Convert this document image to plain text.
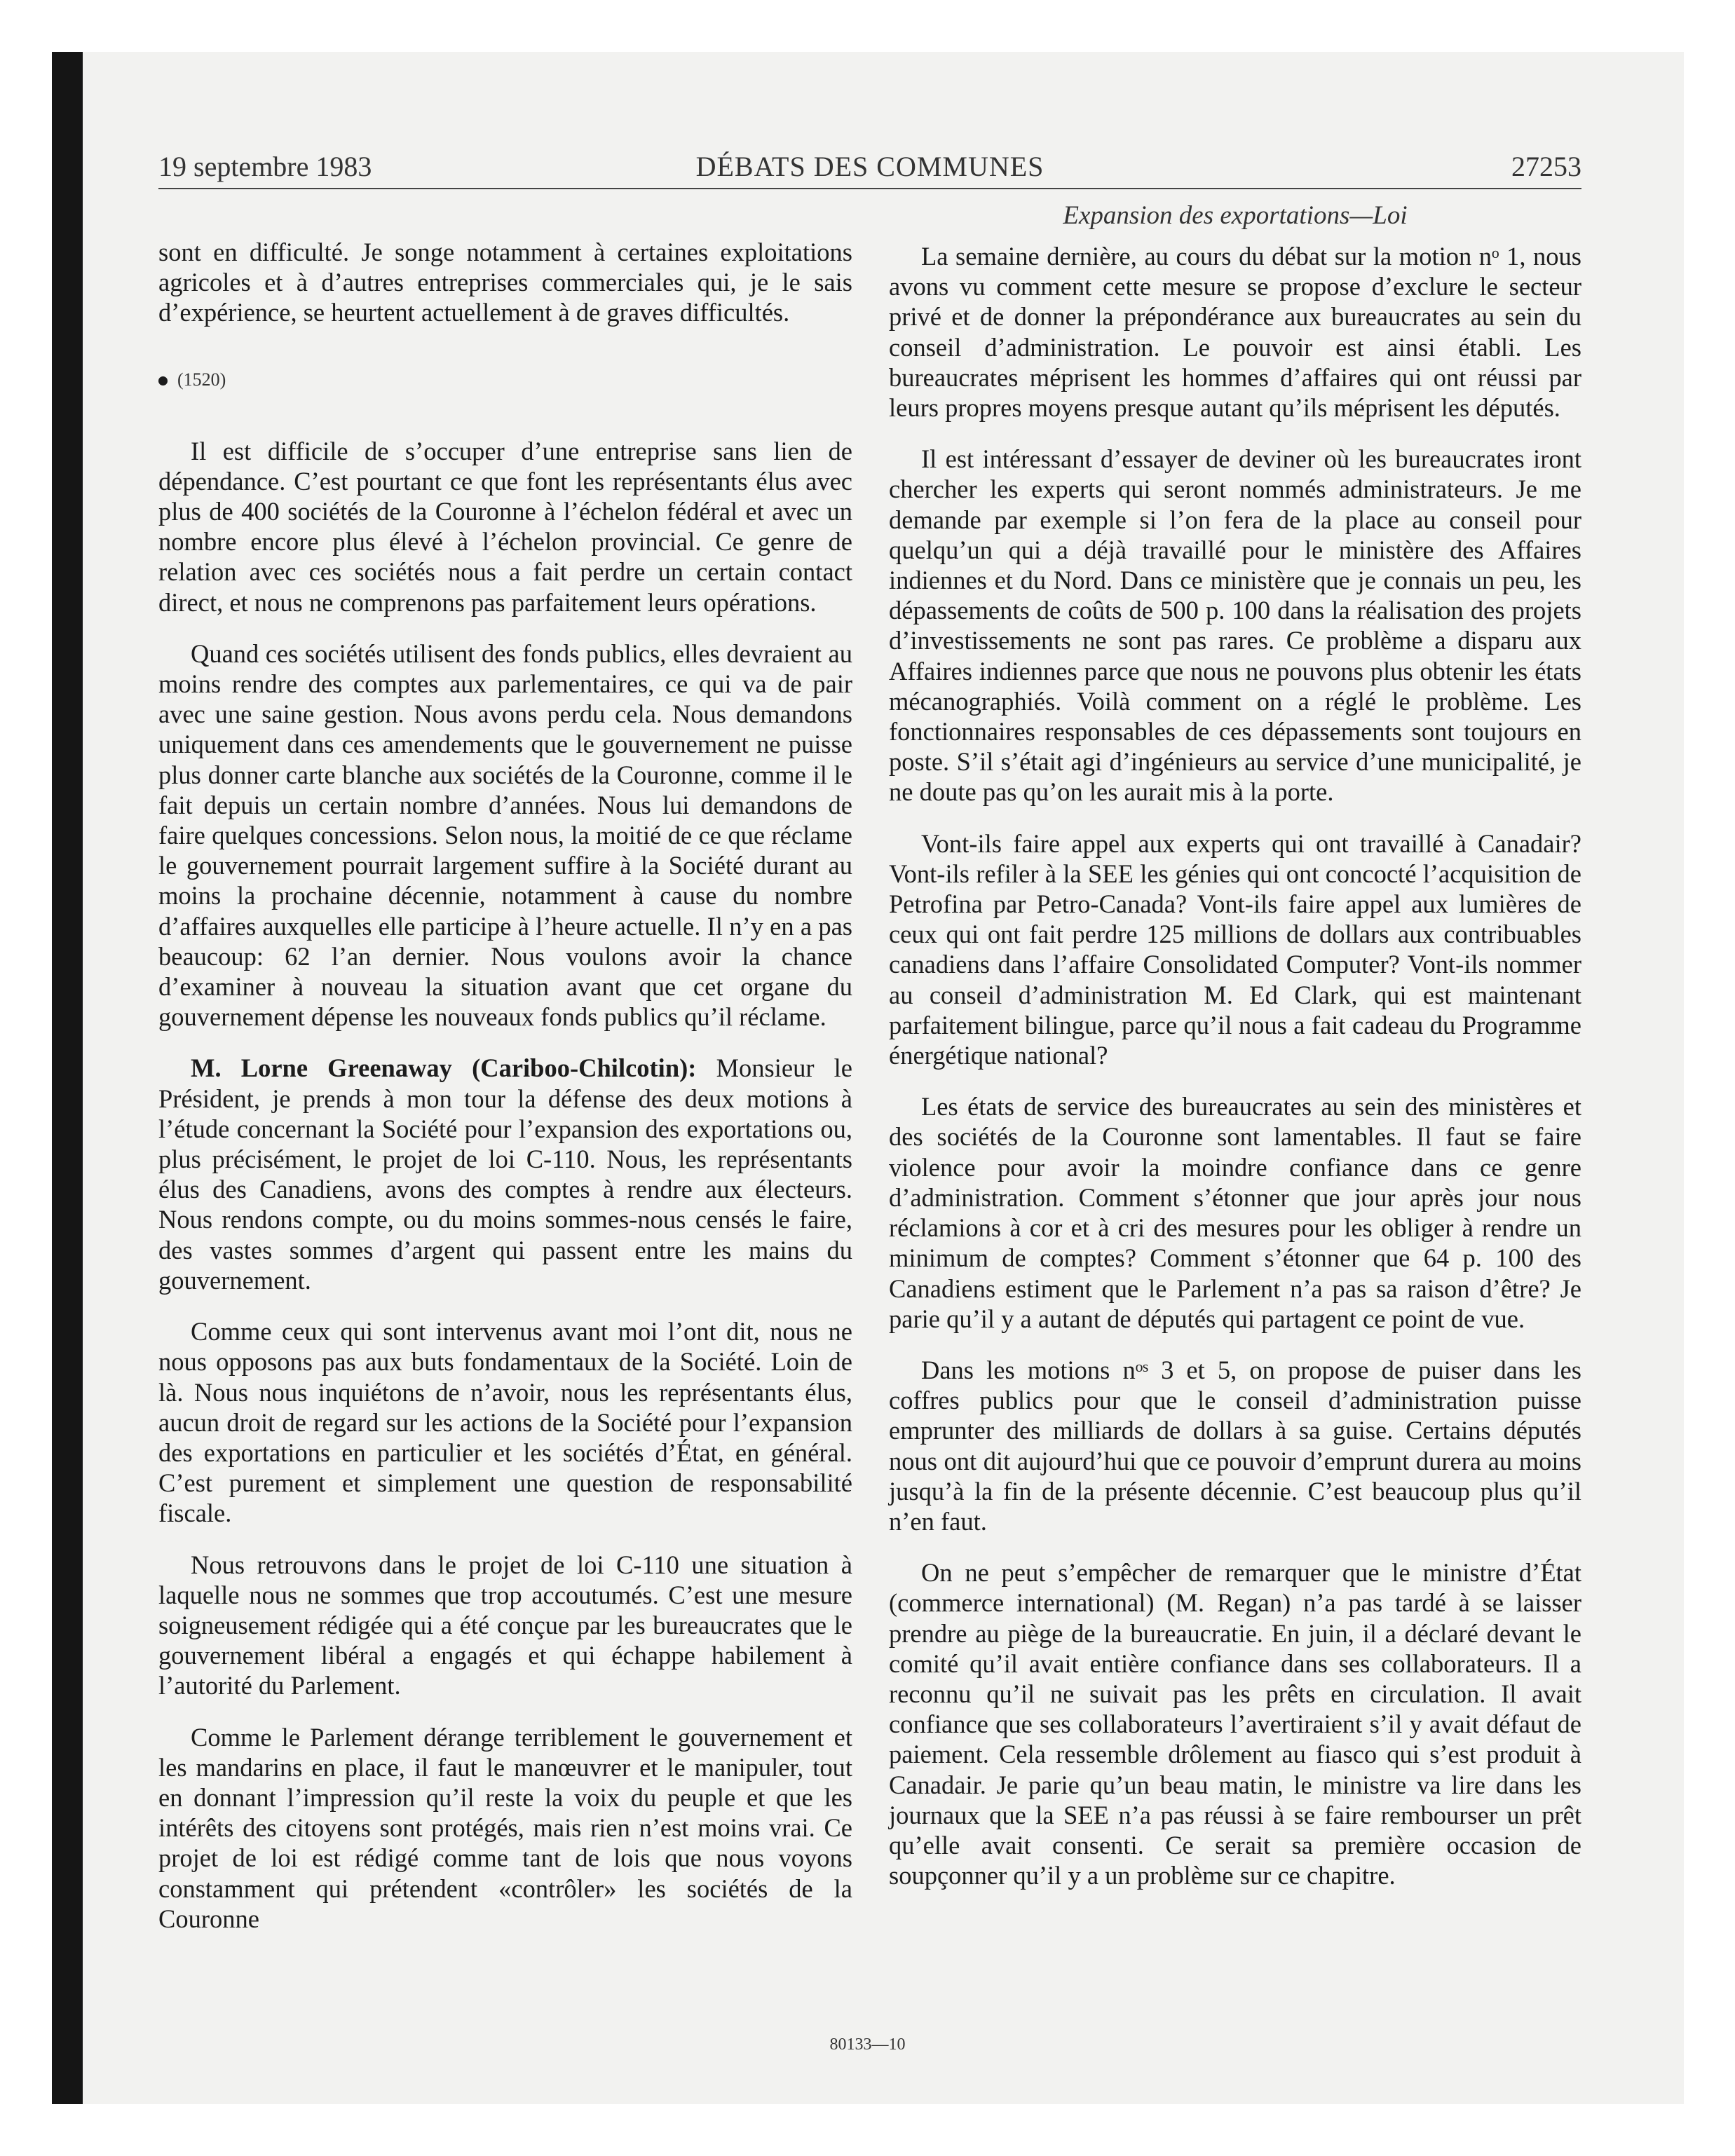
19 septembre 1983	DÉBATS DES COMMUNES	27253

sont en difficulté. Je songe notamment à certaines exploitations agricoles et à d’autres entreprises commerciales qui, je le sais d’expérience, se heurtent actuellement à de graves difficultés.

(1520)

Il est difficile de s’occuper d’une entreprise sans lien de dépendance. C’est pourtant ce que font les représentants élus avec plus de 400 sociétés de la Couronne à l’échelon fédéral et avec un nombre encore plus élevé à l’échelon provincial. Ce genre de relation avec ces sociétés nous a fait perdre un certain contact direct, et nous ne comprenons pas parfaitement leurs opérations.

Quand ces sociétés utilisent des fonds publics, elles devraient au moins rendre des comptes aux parlementaires, ce qui va de pair avec une saine gestion. Nous avons perdu cela. Nous demandons uniquement dans ces amendements que le gouvernement ne puisse plus donner carte blanche aux sociétés de la Couronne, comme il le fait depuis un certain nombre d’années. Nous lui demandons de faire quelques concessions. Selon nous, la moitié de ce que réclame le gouvernement pourrait largement suffire à la Société durant au moins la prochaine décennie, notamment à cause du nombre d’affaires auxquelles elle participe à l’heure actuelle. Il n’y en a pas beaucoup: 62 l’an dernier. Nous voulons avoir la chance d’examiner à nouveau la situation avant que cet organe du gouvernement dépense les nouveaux fonds publics qu’il réclame.

M. Lorne Greenaway (Cariboo-Chilcotin): Monsieur le Président, je prends à mon tour la défense des deux motions à l’étude concernant la Société pour l’expansion des exportations ou, plus précisément, le projet de loi C-110. Nous, les représentants élus des Canadiens, avons des comptes à rendre aux électeurs. Nous rendons compte, ou du moins sommes-nous censés le faire, des vastes sommes d’argent qui passent entre les mains du gouvernement.

Comme ceux qui sont intervenus avant moi l’ont dit, nous ne nous opposons pas aux buts fondamentaux de la Société. Loin de là. Nous nous inquiétons de n’avoir, nous les représentants élus, aucun droit de regard sur les actions de la Société pour l’expansion des exportations en particulier et les sociétés d’État, en général. C’est purement et simplement une question de responsabilité fiscale.

Nous retrouvons dans le projet de loi C-110 une situation à laquelle nous ne sommes que trop accoutumés. C’est une mesure soigneusement rédigée qui a été conçue par les bureaucrates que le gouvernement libéral a engagés et qui échappe habilement à l’autorité du Parlement.

Comme le Parlement dérange terriblement le gouvernement et les mandarins en place, il faut le manœuvrer et le manipuler, tout en donnant l’impression qu’il reste la voix du peuple et que les intérêts des citoyens sont protégés, mais rien n’est moins vrai. Ce projet de loi est rédigé comme tant de lois que nous voyons constamment qui prétendent «contrôler» les sociétés de la Couronne

Expansion des exportations—Loi

La semaine dernière, au cours du débat sur la motion nᵒ 1, nous avons vu comment cette mesure se propose d’exclure le secteur privé et de donner la prépondérance aux bureaucrates au sein du conseil d’administration. Le pouvoir est ainsi établi. Les bureaucrates méprisent les hommes d’affaires qui ont réussi par leurs propres moyens presque autant qu’ils méprisent les députés.

Il est intéressant d’essayer de deviner où les bureaucrates iront chercher les experts qui seront nommés administrateurs. Je me demande par exemple si l’on fera de la place au conseil pour quelqu’un qui a déjà travaillé pour le ministère des Affaires indiennes et du Nord. Dans ce ministère que je connais un peu, les dépassements de coûts de 500 p. 100 dans la réalisation des projets d’investissements ne sont pas rares. Ce problème a disparu aux Affaires indiennes parce que nous ne pouvons plus obtenir les états mécanographiés. Voilà comment on a réglé le problème. Les fonctionnaires responsables de ces dépassements sont toujours en poste. S’il s’était agi d’ingénieurs au service d’une municipalité, je ne doute pas qu’on les aurait mis à la porte.

Vont-ils faire appel aux experts qui ont travaillé à Canadair? Vont-ils refiler à la SEE les génies qui ont concocté l’acquisition de Petrofina par Petro-Canada? Vont-ils faire appel aux lumières de ceux qui ont fait perdre 125 millions de dollars aux contribuables canadiens dans l’affaire Consolidated Computer? Vont-ils nommer au conseil d’administration M. Ed Clark, qui est maintenant parfaitement bilingue, parce qu’il nous a fait cadeau du Programme énergétique national?

Les états de service des bureaucrates au sein des ministères et des sociétés de la Couronne sont lamentables. Il faut se faire violence pour avoir la moindre confiance dans ce genre d’administration. Comment s’étonner que jour après jour nous réclamions à cor et à cri des mesures pour les obliger à rendre un minimum de comptes? Comment s’étonner que 64 p. 100 des Canadiens estiment que le Parlement n’a pas sa raison d’être? Je parie qu’il y a autant de députés qui partagent ce point de vue.

Dans les motions nᵒˢ 3 et 5, on propose de puiser dans les coffres publics pour que le conseil d’administration puisse emprunter des milliards de dollars à sa guise. Certains députés nous ont dit aujourd’hui que ce pouvoir d’emprunt durera au moins jusqu’à la fin de la présente décennie. C’est beaucoup plus qu’il n’en faut.

On ne peut s’empêcher de remarquer que le ministre d’État (commerce international) (M. Regan) n’a pas tardé à se laisser prendre au piège de la bureaucratie. En juin, il a déclaré devant le comité qu’il avait entière confiance dans ses collaborateurs. Il a reconnu qu’il ne suivait pas les prêts en circulation. Il avait confiance que ses collaborateurs l’avertiraient s’il y avait défaut de paiement. Cela ressemble drôlement au fiasco qui s’est produit à Canadair. Je parie qu’un beau matin, le ministre va lire dans les journaux que la SEE n’a pas réussi à se faire rembourser un prêt qu’elle avait consenti. Ce serait sa première occasion de soupçonner qu’il y a un problème sur ce chapitre.

80133—10
